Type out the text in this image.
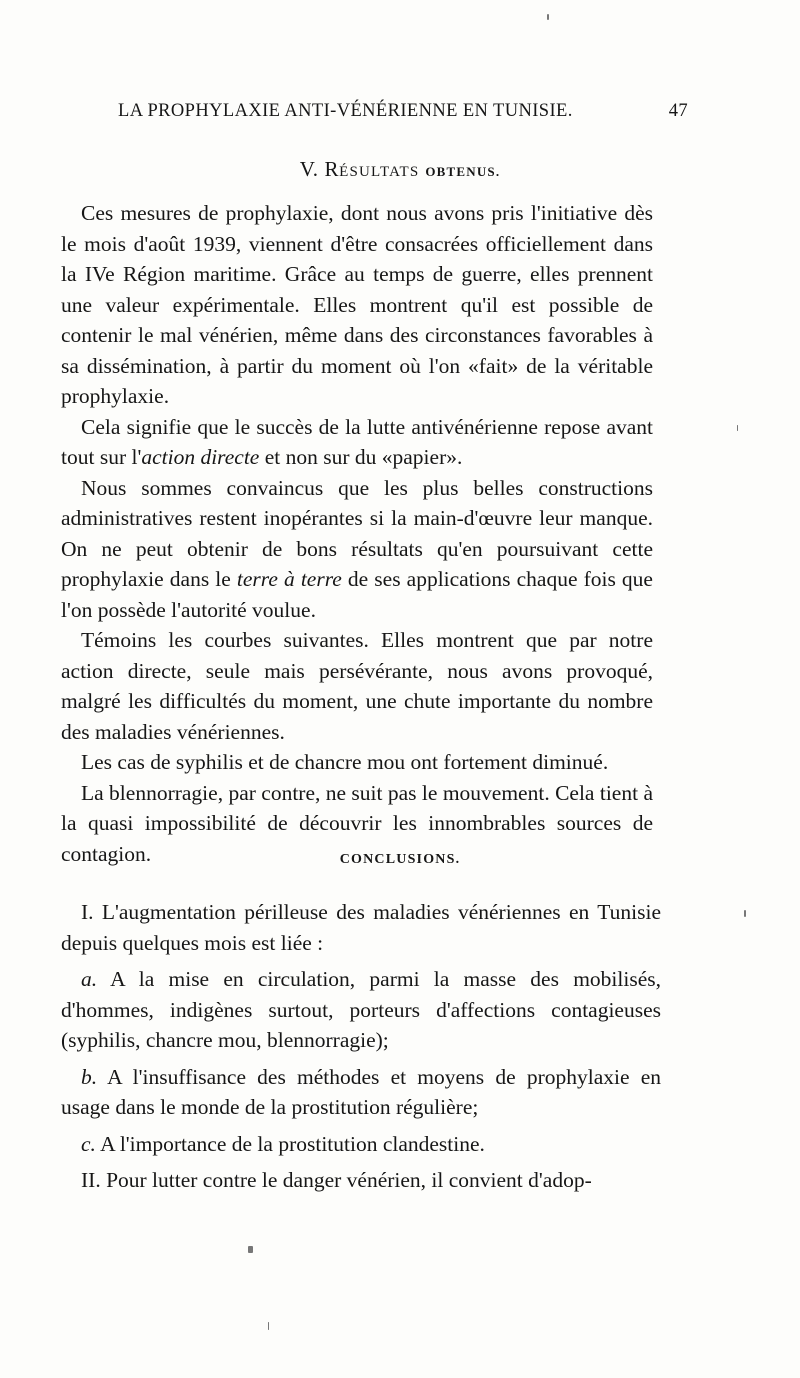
LA PROPHYLAXIE ANTI-VÉNÉRIENNE EN TUNISIE.	47
V. RÉSULTATS OBTENUS.

Ces mesures de prophylaxie, dont nous avons pris l'initiative dès le mois d'août 1939, viennent d'être consacrées officiellement dans la IVe Région maritime. Grâce au temps de guerre, elles prennent une valeur expérimentale. Elles montrent qu'il est possible de contenir le mal vénérien, même dans des circonstances favorables à sa dissémination, à partir du moment où l'on «fait» de la véritable prophylaxie.

Cela signifie que le succès de la lutte antivénérienne repose avant tout sur l'action directe et non sur du «papier».

Nous sommes convaincus que les plus belles constructions administratives restent inopérantes si la main-d'œuvre leur manque. On ne peut obtenir de bons résultats qu'en poursuivant cette prophylaxie dans le terre à terre de ses applications chaque fois que l'on possède l'autorité voulue.

Témoins les courbes suivantes. Elles montrent que par notre action directe, seule mais persévérante, nous avons provoqué, malgré les difficultés du moment, une chute importante du nombre des maladies vénériennes.

Les cas de syphilis et de chancre mou ont fortement diminué.

La blennorragie, par contre, ne suit pas le mouvement. Cela tient à la quasi impossibilité de découvrir les innombrables sources de contagion.	CONCLUSIONS.

I. L'augmentation périlleuse des maladies vénériennes en Tunisie depuis quelques mois est liée :

a. A la mise en circulation, parmi la masse des mobilisés, d'hommes, indigènes surtout, porteurs d'affections contagieuses (syphilis, chancre mou, blennorragie);

b. A l'insuffisance des méthodes et moyens de prophylaxie en usage dans le monde de la prostitution régulière;

c. A l'importance de la prostitution clandestine.

II. Pour lutter contre le danger vénérien, il convient d'adop-
